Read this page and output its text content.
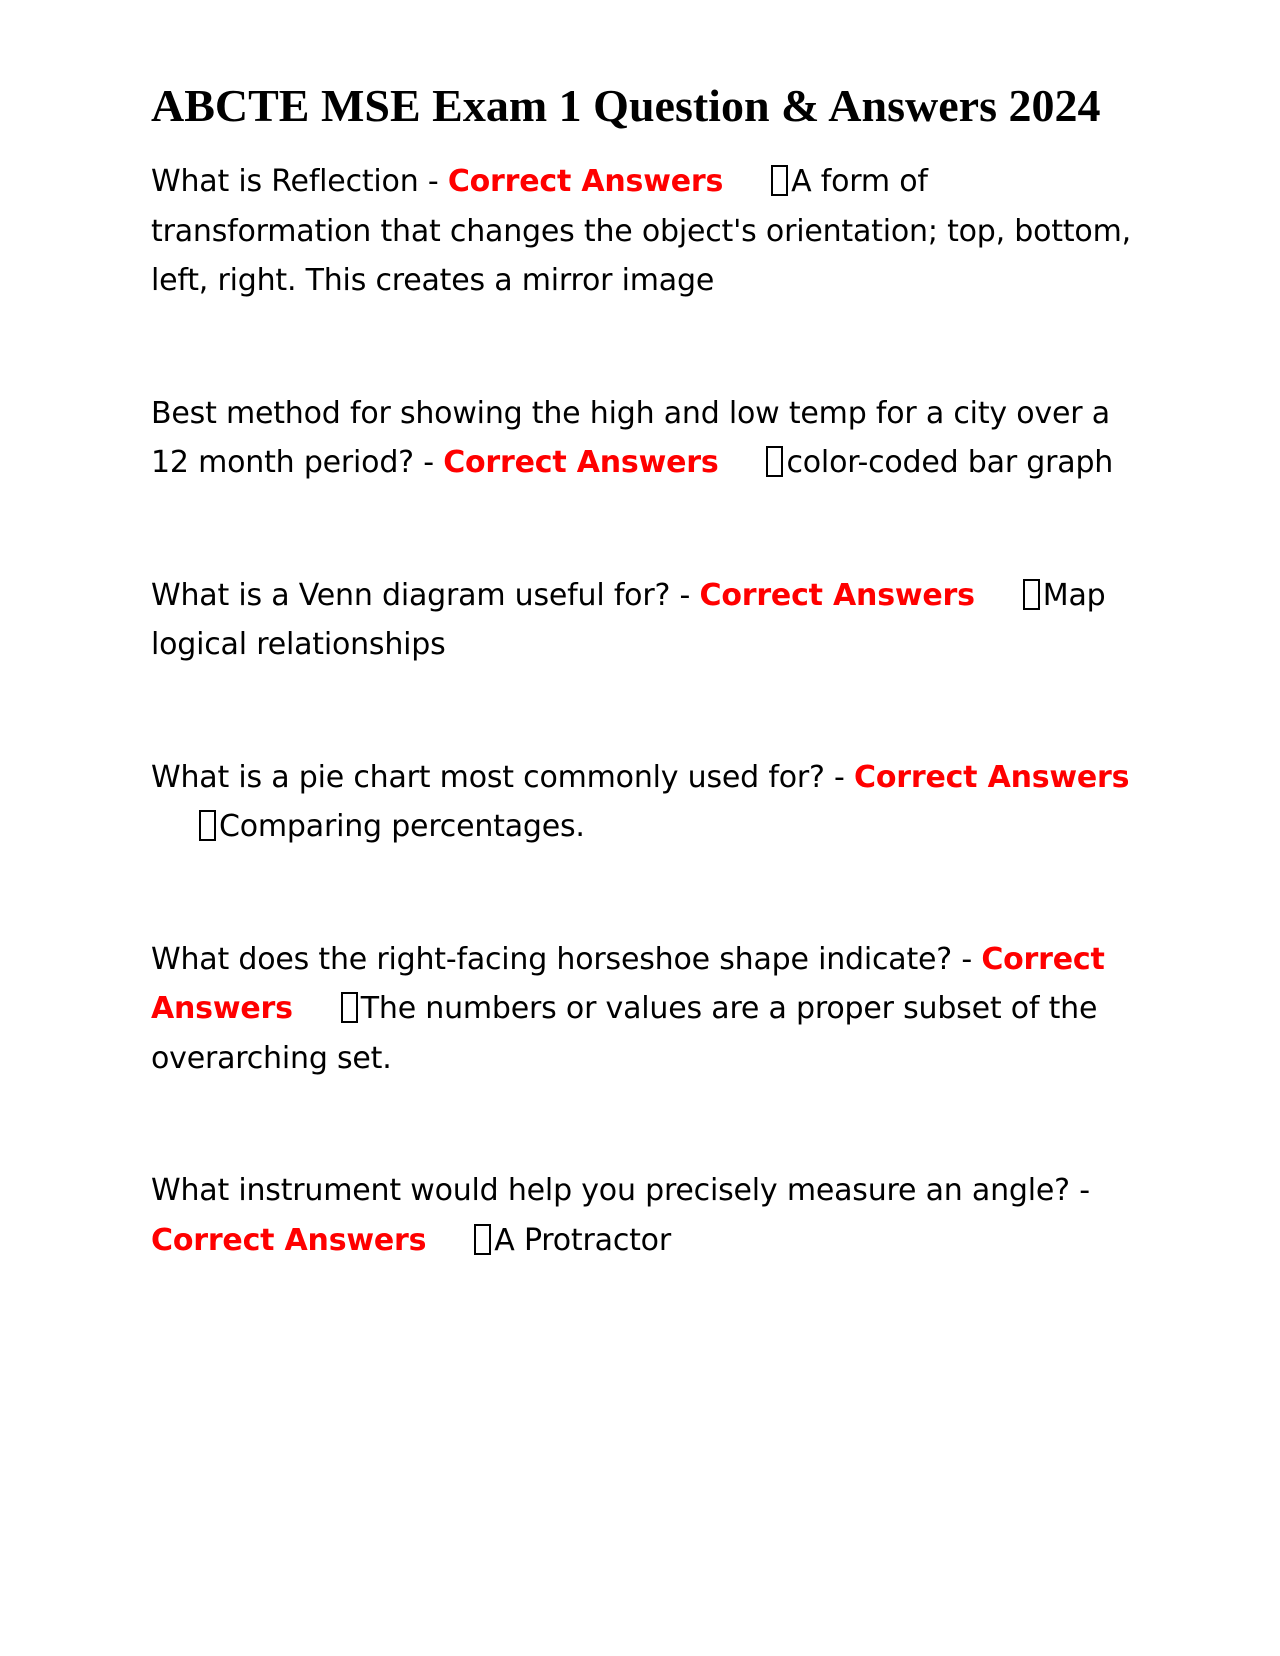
ABCTE MSE Exam 1 Question & Answers 2024

What is Reflection - Correct Answers A form of transformation that changes the object's orientation; top, bottom, left, right. This creates a mirror image

Best method for showing the high and low temp for a city over a 12 month period? - Correct Answers color-coded bar graph

What is a Venn diagram useful for? - Correct Answers Map logical relationships

What is a pie chart most commonly used for? - Correct AnswersComparing percentages.

What does the right-facing horseshoe shape indicate? - Correct Answers The numbers or values are a proper subset of the overarching set.

What instrument would help you precisely measure an angle? - Correct Answers A Protractor
